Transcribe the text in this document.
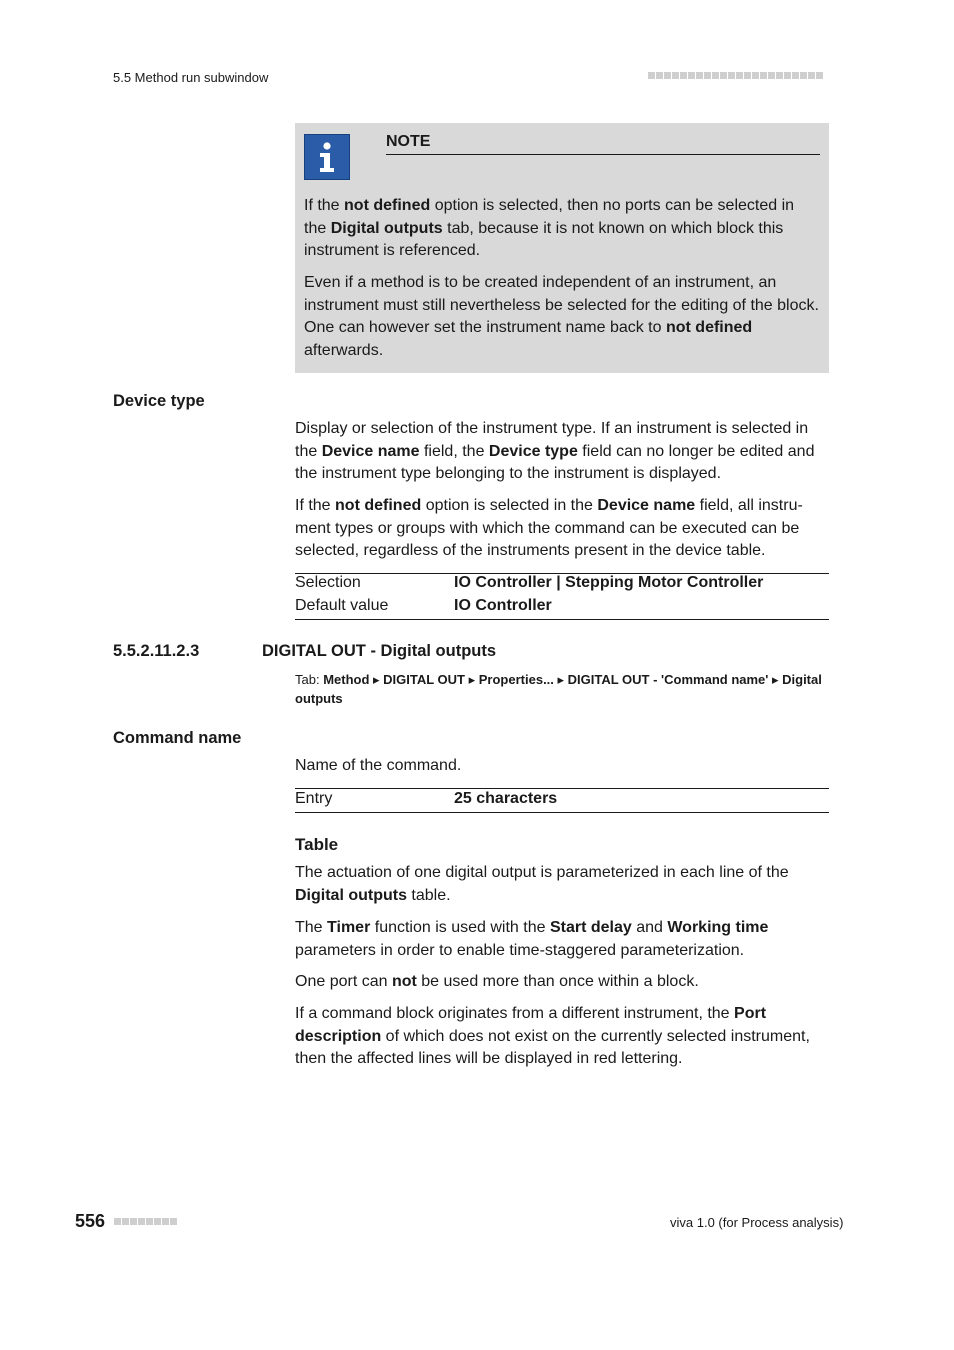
5.5 Method run subwindow
NOTE
If the not defined option is selected, then no ports can be selected in the Digital outputs tab, because it is not known on which block this instrument is referenced.
Even if a method is to be created independent of an instrument, an instrument must still nevertheless be selected for the editing of the block. One can however set the instrument name back to not defined afterwards.
Device type
Display or selection of the instrument type. If an instrument is selected in the Device name field, the Device type field can no longer be edited and the instrument type belonging to the instrument is displayed.
If the not defined option is selected in the Device name field, all instru-ment types or groups with which the command can be executed can be selected, regardless of the instruments present in the device table.
Selection	IO Controller | Stepping Motor Controller
Default value	IO Controller
5.5.2.11.2.3	DIGITAL OUT - Digital outputs
Tab: Method ▸ DIGITAL OUT ▸ Properties... ▸ DIGITAL OUT - 'Command name' ▸ Digital outputs
Command name
Name of the command.
Entry	25 characters
Table
The actuation of one digital output is parameterized in each line of the Digital outputs table.
The Timer function is used with the Start delay and Working time parameters in order to enable time-staggered parameterization.
One port can not be used more than once within a block.
If a command block originates from a different instrument, the Port description of which does not exist on the currently selected instrument, then the affected lines will be displayed in red lettering.
556	viva 1.0 (for Process analysis)
